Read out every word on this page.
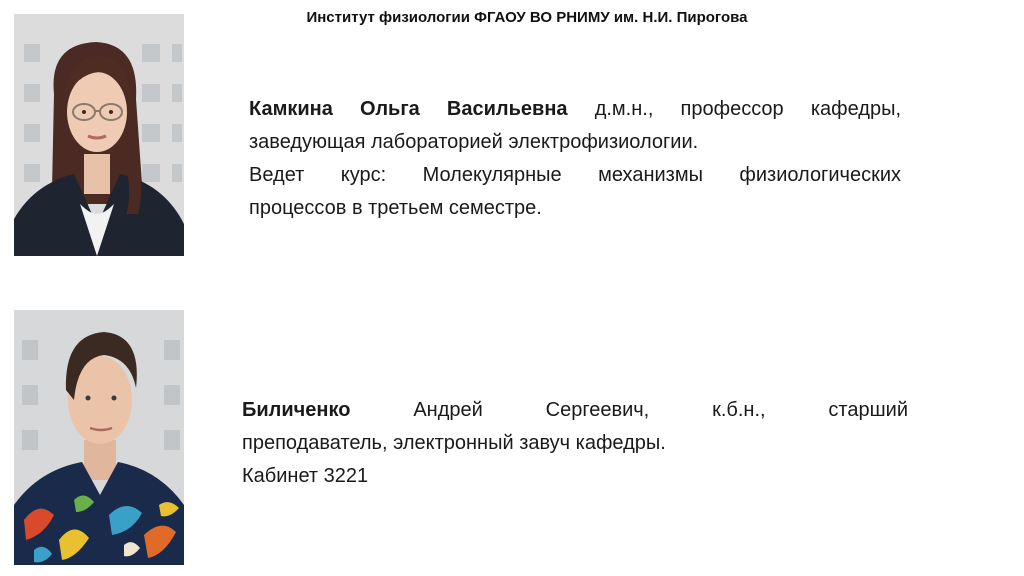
Институт физиологии ФГАОУ ВО РНИМУ им. Н.И. Пирогова

Камкина Ольга Васильевна д.м.н., профессор кафедры,

заведующая лабораторией электрофизиологии.

Ведет курс: Молекулярные механизмы физиологических

процессов в третьем семестре.

Биличенко	Андрей Сергеевич, к.б.н., старший

преподаватель, электронный завуч кафедры.

Кабинет 3221
